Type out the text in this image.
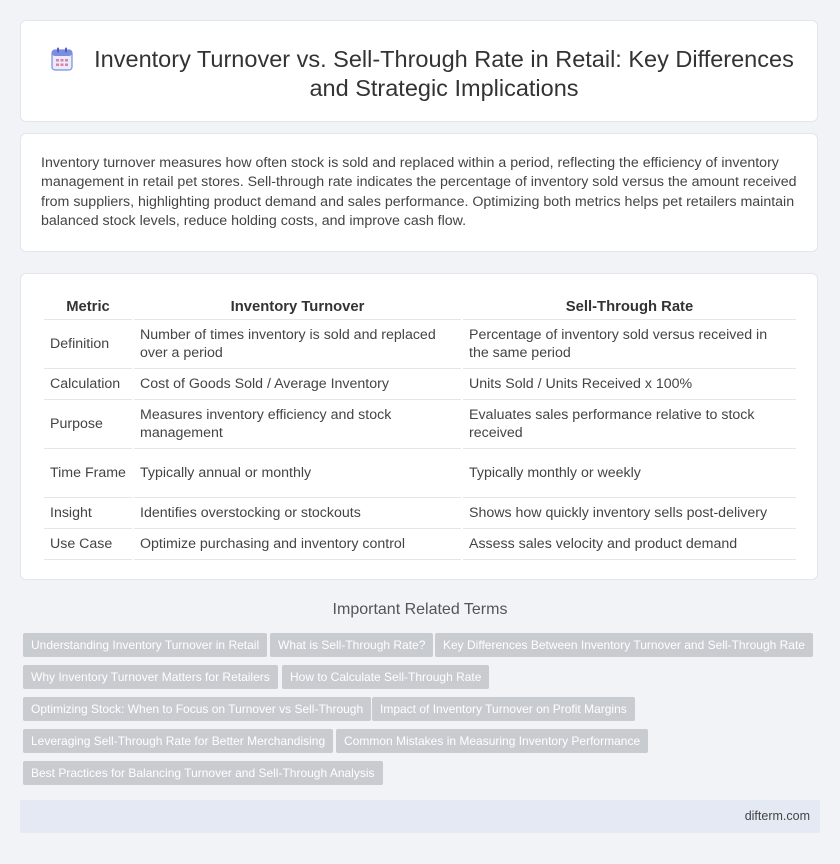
Inventory Turnover vs. Sell-Through Rate in Retail: Key Differences and Strategic Implications

Inventory turnover measures how often stock is sold and replaced within a period, reflecting the efficiency of inventory management in retail pet stores. Sell-through rate indicates the percentage of inventory sold versus the amount received from suppliers, highlighting product demand and sales performance. Optimizing both metrics helps pet retailers maintain balanced stock levels, reduce holding costs, and improve cash flow.

Metric	Inventory Turnover	Sell-Through Rate
Definition	Number of times inventory is sold and replaced over a period	Percentage of inventory sold versus received in the same period
Calculation	Cost of Goods Sold / Average Inventory	Units Sold / Units Received x 100%
Purpose	Measures inventory efficiency and stock management	Evaluates sales performance relative to stock received
Time Frame	Typically annual or monthly	Typically monthly or weekly
Insight	Identifies overstocking or stockouts	Shows how quickly inventory sells post-delivery
Use Case	Optimize purchasing and inventory control	Assess sales velocity and product demand
Important Related Terms
Understanding Inventory Turnover in Retail	What is Sell-Through Rate?	Key Differences Between Inventory Turnover and Sell-Through Rate
Why Inventory Turnover Matters for Retailers	How to Calculate Sell-Through Rate
Optimizing Stock: When to Focus on Turnover vs Sell-Through	Impact of Inventory Turnover on Profit Margins
Leveraging Sell-Through Rate for Better Merchandising	Common Mistakes in Measuring Inventory Performance
Best Practices for Balancing Turnover and Sell-Through Analysis
difterm.com
